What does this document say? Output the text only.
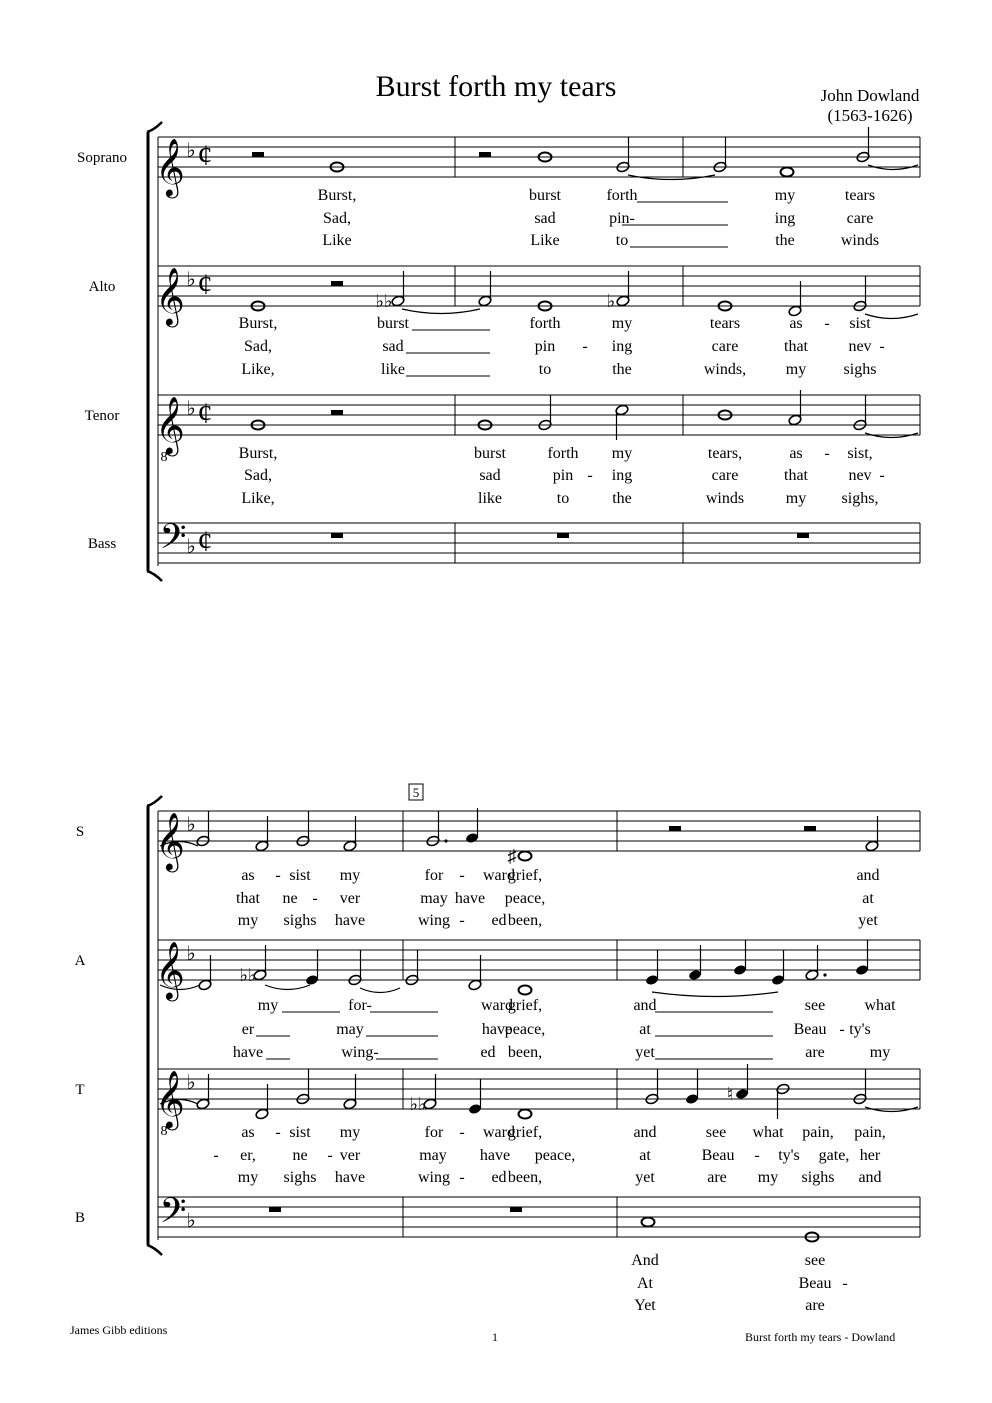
Burst forth my tears	John Dowland
(1563-1626)
𝄞 ♭ ¢
𝄞 ♭ ¢
𝄞
8
♭ ¢
𝄢 ♭ ¢
𝄞 ♭
𝄞 ♭
𝄞
8
♭
𝄢 ♭
♭♭	♭
♯
♭♭
♭♭	♮
Soprano
Alto
Tenor
Bass
S
A
T
B
5
Burst,	burst	forth	my	tears
Sad,	sad	pin-	ing	care
Like	Like	to	the	winds
Burst,	burst	forth	my	tears	as - sist
Sad,	sad	pin - ing	care	that	nev -
Like,	like	to	the	winds, my sighs
Burst,	burst	forth my	tears,	as - sist,
Sad,	sad	pin - ing	care	that	nev -
Like,	like	to	the	winds	my sighs,
as - sist my	for - ward
grief,	and
that ne - ver	may have peace,	at
my sighs have	wing - ed been,	yet
my	for-	ward
grief,	and	see what
er	may	have
peace,	at	Beau - ty's
have	wing-	ed been,	yet	are	my
as - sist my	for - ward
grief,	and	see what pain, pain,
- er, ne - ver	may have peace,	at	Beau - ty's gate, her
my sighs have	wing - ed been,	yet	are my sighs and
And	see
At	Beau -
Yet	are
James Gibb editions	1	Burst forth my tears - Dowland
